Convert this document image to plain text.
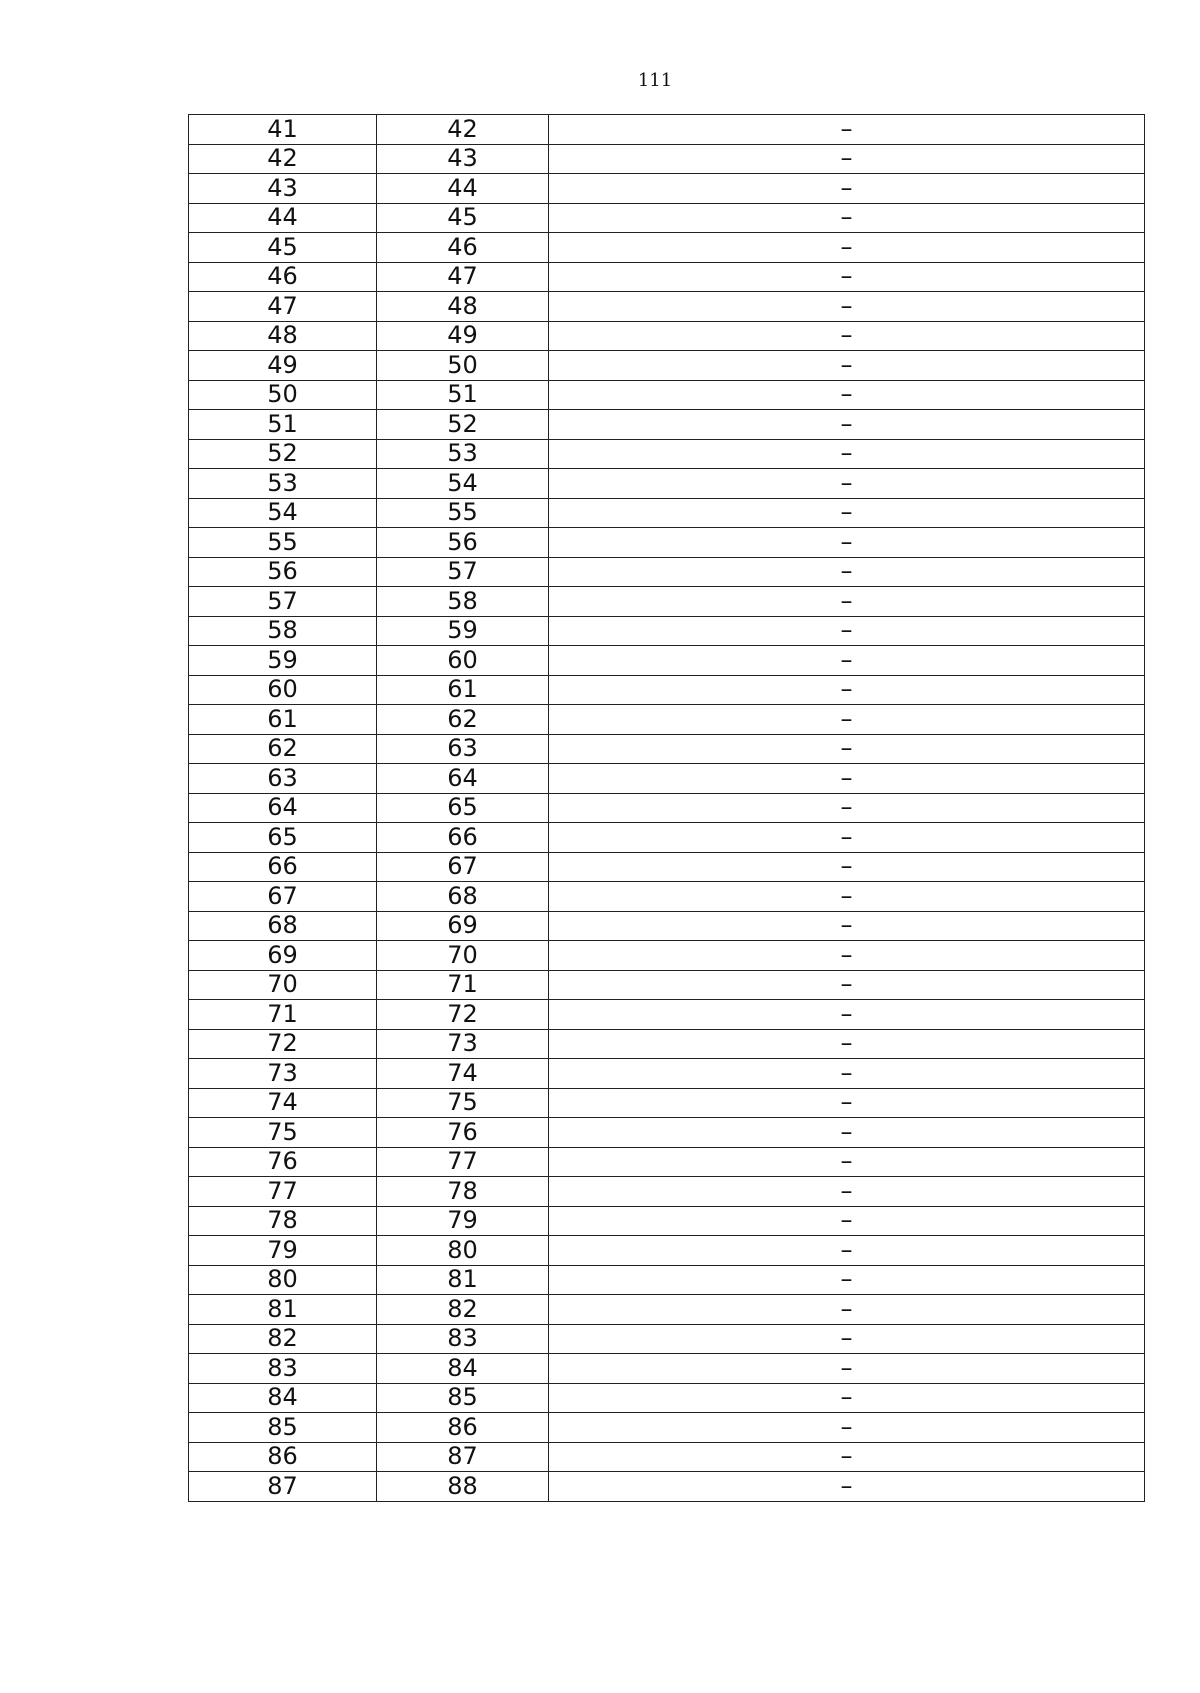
111
41	42	–
42	43	–
43	44	–
44	45	–
45	46	–
46	47	–
47	48	–
48	49	–
49	50	–
50	51	–
51	52	–
52	53	–
53	54	–
54	55	–
55	56	–
56	57	–
57	58	–
58	59	–
59	60	–
60	61	–
61	62	–
62	63	–
63	64	–
64	65	–
65	66	–
66	67	–
67	68	–
68	69	–
69	70	–
70	71	–
71	72	–
72	73	–
73	74	–
74	75	–
75	76	–
76	77	–
77	78	–
78	79	–
79	80	–
80	81	–
81	82	–
82	83	–
83	84	–
84	85	–
85	86	–
86	87	–
87	88	–
